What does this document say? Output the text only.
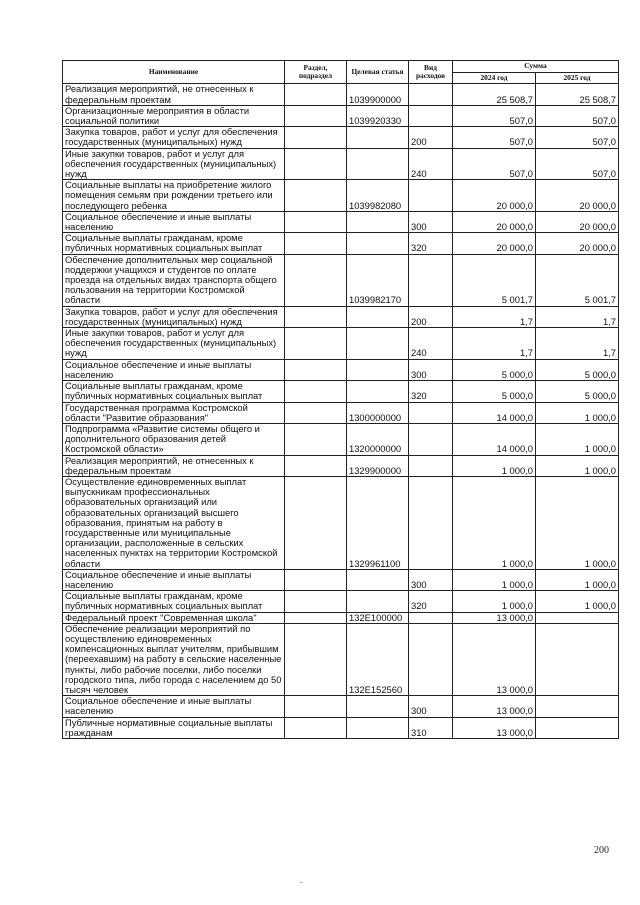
Наименование	Раздел, подраздел	Целевая статья	Вид расходов	Сумма	
				2024 год	2025 год
Реализация мероприятий, не отнесенных к федеральным проектам		1039900000		25 508,7	25 508,7
Организационные мероприятия в области социальной политики		1039920330		507,0	507,0
Закупка товаров, работ и услуг для обеспечения государственных (муниципальных) нужд			200	507,0	507,0
Иные закупки товаров, работ и услуг для обеспечения государственных (муниципальных) нужд			240	507,0	507,0
Социальные выплаты на приобретение жилого помещения семьям при рождении третьего или последующего ребенка		1039982080		20 000,0	20 000,0
Социальное обеспечение и иные выплаты населению			300	20 000,0	20 000,0
Социальные выплаты гражданам, кроме публичных нормативных социальных выплат			320	20 000,0	20 000,0
Обеспечение дополнительных мер социальной поддержки учащихся и студентов по оплате проезда на отдельных видах транспорта общего пользования на территории Костромской области		1039982170		5 001,7	5 001,7
Закупка товаров, работ и услуг для обеспечения государственных (муниципальных) нужд			200	1,7	1,7
Иные закупки товаров, работ и услуг для обеспечения государственных (муниципальных) нужд			240	1,7	1,7
Социальное обеспечение и иные выплаты населению			300	5 000,0	5 000,0
Социальные выплаты гражданам, кроме публичных нормативных социальных выплат			320	5 000,0	5 000,0
Государственная программа Костромской области "Развитие образования"		1300000000		14 000,0	1 000,0
Подпрограмма «Развитие системы общего и дополнительного образования детей Костромской области»		1320000000		14 000,0	1 000,0
Реализация мероприятий, не отнесенных к федеральным проектам		1329900000		1 000,0	1 000,0
Осуществление единовременных выплат выпускникам профессиональных образовательных организаций или образовательных организаций высшего образования, принятым на работу в государственные или муниципальные организации, расположенные в сельских населенных пунктах на территории Костромской области		1329961100		1 000,0	1 000,0
Социальное обеспечение и иные выплаты населению			300	1 000,0	1 000,0
Социальные выплаты гражданам, кроме публичных нормативных социальных выплат			320	1 000,0	1 000,0
Федеральный проект "Современная школа"		132E100000		13 000,0	
Обеспечение реализации мероприятий по осуществлению единовременных компенсационных выплат учителям, прибывшим (переехавшим) на работу в сельские населенные пункты, либо рабочие поселки, либо поселки городского типа, либо города с населением до 50 тысяч человек		132E152560		13 000,0	
Социальное обеспечение и иные выплаты населению			300	13 000,0	
Публичные нормативные социальные выплаты гражданам			310	13 000,0	
200
